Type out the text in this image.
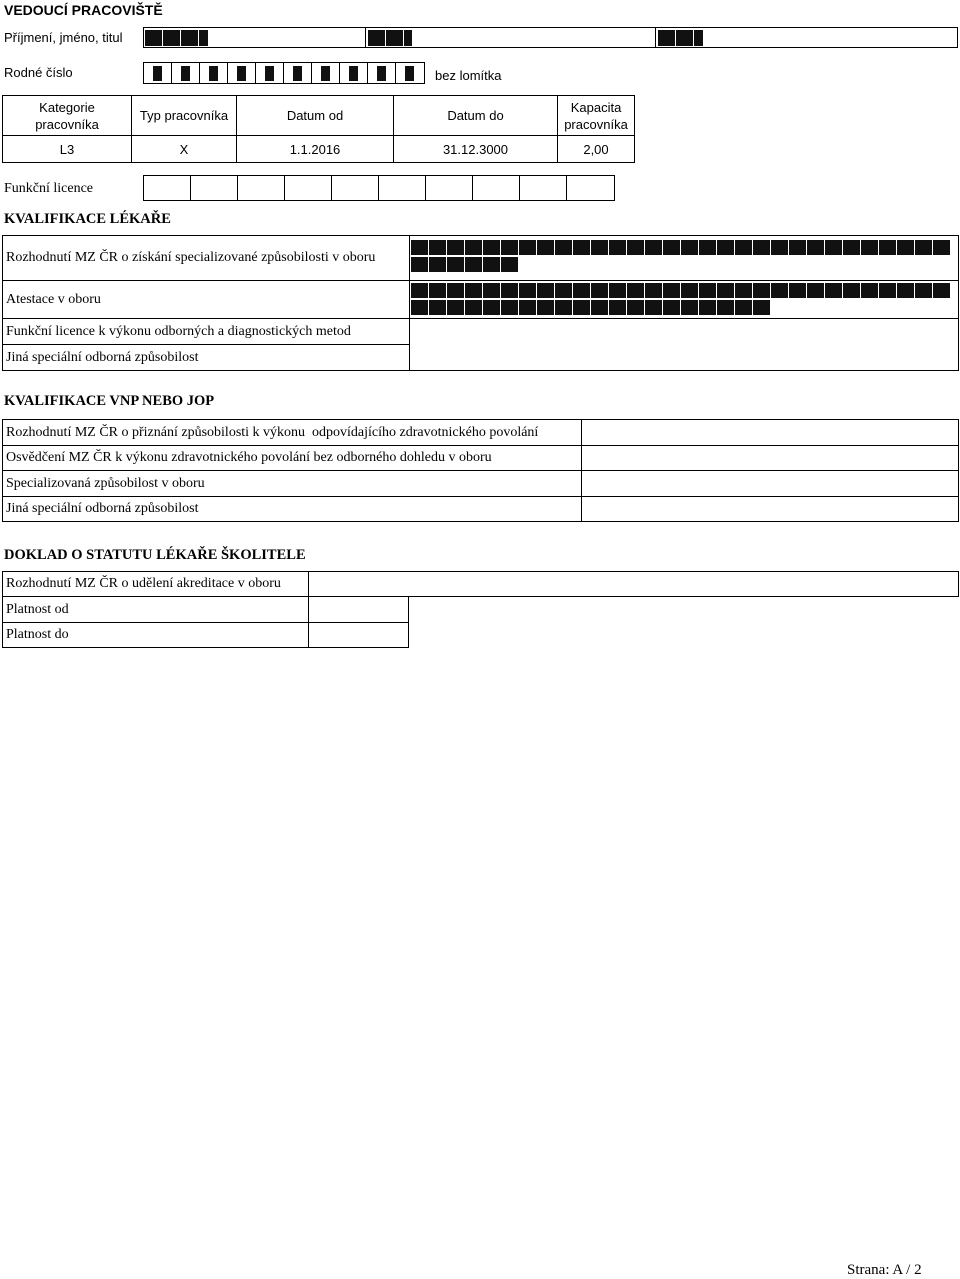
VEDOUCÍ PRACOVIŠTĚ
Příjmení, jméno, titul
Rodné číslo	bez lomítka
Kategorie pracovníka	Typ pracovníka	Datum od	Datum do	Kapacita pracovníka
L3	X	1.1.2016	31.12.3000	2,00
Funkční licence
KVALIFIKACE LÉKAŘE
Rozhodnutí MZ ČR o získání specializované způsobilosti v oboru	
Atestace v oboru	
Funkční licence k výkonu odborných a diagnostických metod	
Jiná speciální odborná způsobilost	
KVALIFIKACE VNP NEBO JOP
Rozhodnutí MZ ČR o přiznání způsobilosti k výkonu  odpovídajícího zdravotnického povolání	
Osvědčení MZ ČR k výkonu zdravotnického povolání bez odborného dohledu v oboru	
Specializovaná způsobilost v oboru	
Jiná speciální odborná způsobilost	
DOKLAD O STATUTU LÉKAŘE ŠKOLITELE
Rozhodnutí MZ ČR o udělení akreditace v oboru		
Platnost od		
Platnost do		
Strana: A / 2
